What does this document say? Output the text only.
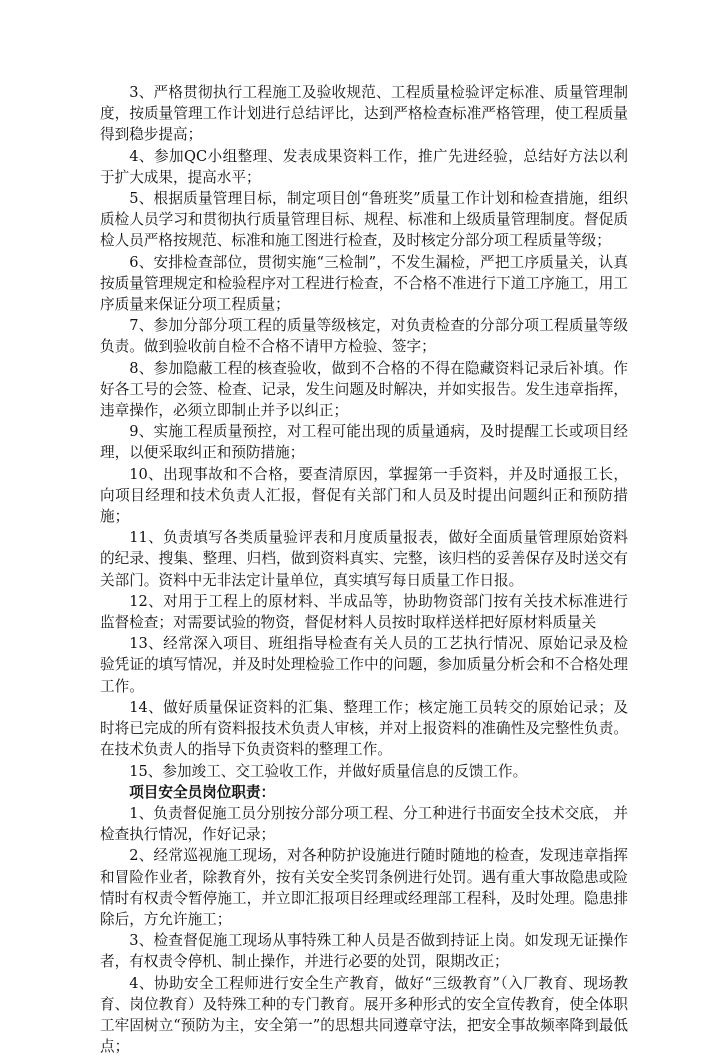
3、严格贯彻执行工程施工及验收规范、工程质量检验评定标准、质量管理制度，按质量管理工作计划进行总结评比，达到严格检查标准严格管理，使工程质量得到稳步提高；

4、参加QC小组整理、发表成果资料工作，推广先进经验，总结好方法以利于扩大成果，提高水平；

5、根据质量管理目标，制定项目创“鲁班奖”质量工作计划和检查措施，组织质检人员学习和贯彻执行质量管理目标、规程、标准和上级质量管理制度。督促质检人员严格按规范、标准和施工图进行检查，及时核定分部分项工程质量等级；

6、安排检查部位，贯彻实施“三检制”，不发生漏检，严把工序质量关，认真按质量管理规定和检验程序对工程进行检查，不合格不准进行下道工序施工，用工序质量来保证分项工程质量；

7、参加分部分项工程的质量等级核定，对负责检查的分部分项工程质量等级负责。做到验收前自检不合格不请甲方检验、签字；

8、参加隐蔽工程的核查验收，做到不合格的不得在隐藏资料记录后补填。作好各工号的会签、检查、记录，发生问题及时解决，并如实报告。发生违章指挥，违章操作，必须立即制止并予以纠正；

9、实施工程质量预控，对工程可能出现的质量通病，及时提醒工长或项目经理，以便采取纠正和预防措施；

10、出现事故和不合格，要查清原因，掌握第一手资料，并及时通报工长，向项目经理和技术负责人汇报，督促有关部门和人员及时提出问题纠正和预防措施；

11、负责填写各类质量验评表和月度质量报表，做好全面质量管理原始资料的纪录、搜集、整理、归档，做到资料真实、完整，该归档的妥善保存及时送交有关部门。资料中无非法定计量单位，真实填写每日质量工作日报。

12、对用于工程上的原材料、半成品等，协助物资部门按有关技术标准进行监督检查；对需要试验的物资，督促材料人员按时取样送样把好原材料质量关

13、经常深入项目、班组指导检查有关人员的工艺执行情况、原始记录及检验凭证的填写情况，并及时处理检验工作中的问题，参加质量分析会和不合格处理工作。

14、做好质量保证资料的汇集、整理工作；核定施工员转交的原始记录；及时将已完成的所有资料报技术负责人审核，并对上报资料的准确性及完整性负责。在技术负责人的指导下负责资料的整理工作。

15、参加竣工、交工验收工作，并做好质量信息的反馈工作。

项目安全员岗位职责：

1、负责督促施工员分别按分部分项工程、分工种进行书面安全技术交底， 并检查执行情况，作好记录；

2、经常巡视施工现场，对各种防护设施进行随时随地的检查，发现违章指挥和冒险作业者，除教育外，按有关安全奖罚条例进行处罚。遇有重大事故隐患或险情时有权责令暂停施工，并立即汇报项目经理或经理部工程科，及时处理。隐患排除后，方允许施工；

3、检查督促施工现场从事特殊工种人员是否做到持证上岗。如发现无证操作者，有权责令停机、制止操作，并进行必要的处罚，限期改正；

4、协助安全工程师进行安全生产教育，做好“三级教育”（入厂教育、现场教育、岗位教育）及特殊工种的专门教育。展开多种形式的安全宣传教育，使全体职工牢固树立“预防为主，安全第一”的思想共同遵章守法，把安全事故频率降到最低点；
